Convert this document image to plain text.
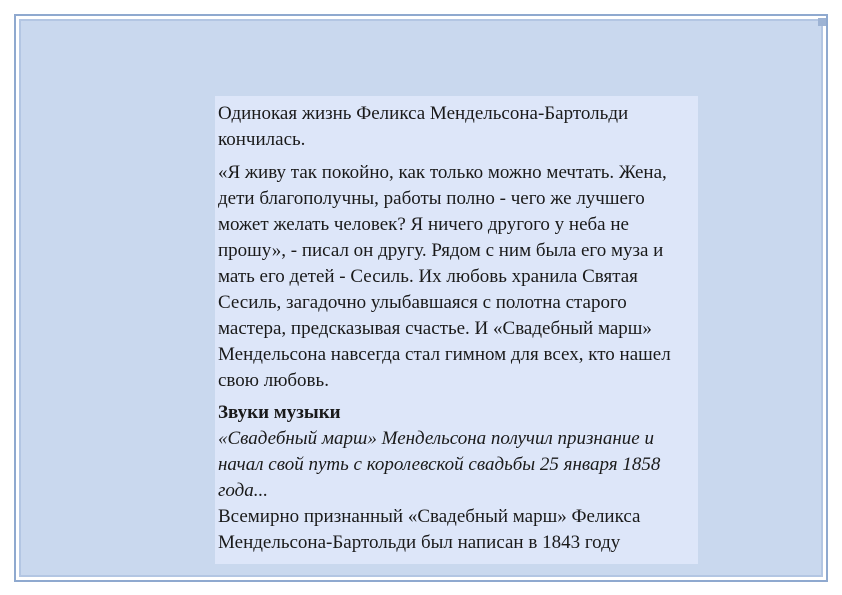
Одинокая жизнь Феликса Мендельсона-Бартольди кончилась.

«Я живу так покойно, как только можно мечтать. Жена, дети благополучны, работы полно - чего же лучшего может желать человек? Я ничего другого у неба не прошу», - писал он другу. Рядом с ним была его муза и мать его детей - Сесиль. Их любовь хранила Святая Сесиль, загадочно улыбавшаяся с полотна старого мастера, предсказывая счастье. И «Свадебный марш» Мендельсона навсегда стал гимном для всех, кто нашел свою любовь.

Звуки музыки

«Свадебный марш» Мендельсона получил признание и начал свой путь с королевской свадьбы 25 января 1858 года...

Всемирно признанный «Свадебный марш» Феликса Мендельсона-Бартольди был написан в 1843 году
